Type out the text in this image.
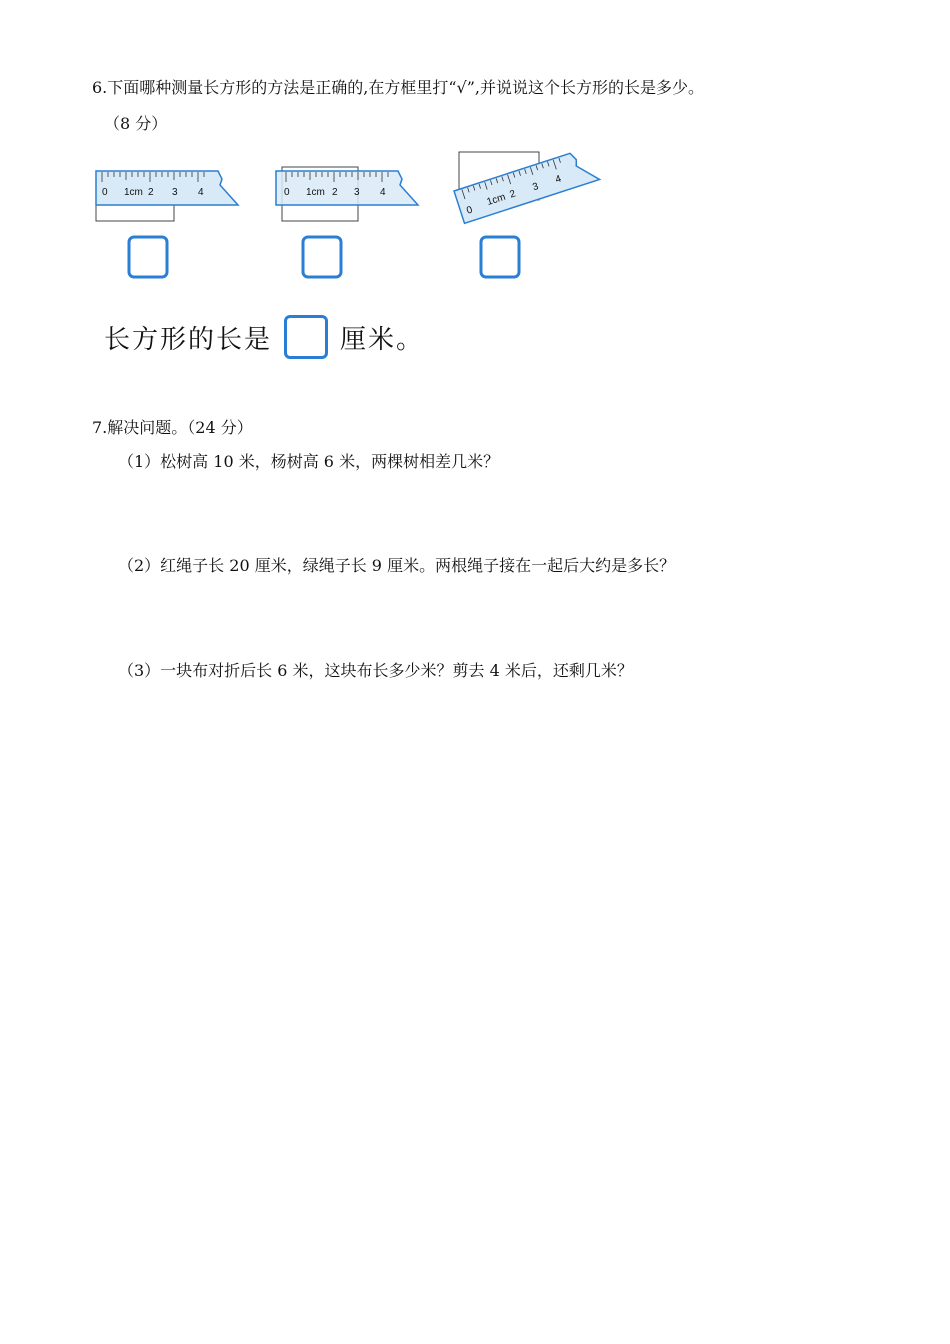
6.下面哪种测量长方形的方法是正确的,在方框里打“√”,并说说这个长方形的长是多少。
（8 分）
0 1cm 2 3 4	0 1cm 2 3 4
0
1cm 2
3
4
长方形的长是	厘米。
7.解决问题。（24 分）
（1）松树高 10 米，杨树高 6 米，两棵树相差几米？
（2）红绳子长 20 厘米，绿绳子长 9 厘米。两根绳子接在一起后大约是多长？
（3）一块布对折后长 6 米，这块布长多少米？剪去 4 米后，还剩几米？
